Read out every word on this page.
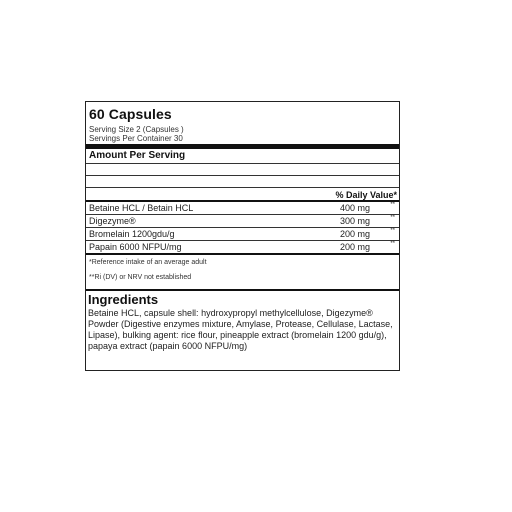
60 Capsules
Serving Size 2 (Capsules )
Servings Per Container 30
Amount Per Serving
% Daily Value*
Betaine HCL / Betain HCL	400 mg	**
Digezyme®	300 mg	**
Bromelain 1200gdu/g	200 mg	**
Papain 6000 NFPU/mg	200 mg	**
*Reference intake of an average adult
**Ri (DV) or NRV not established
Ingredients
Betaine HCL, capsule shell: hydroxypropyl methylcellulose, Digezyme® Powder (Digestive enzymes mixture, Amylase, Protease, Cellulase, Lactase, Lipase), bulking agent: rice flour, pineapple extract (bromelain 1200 gdu/g), papaya extract (papain 6000 NFPU/mg)
